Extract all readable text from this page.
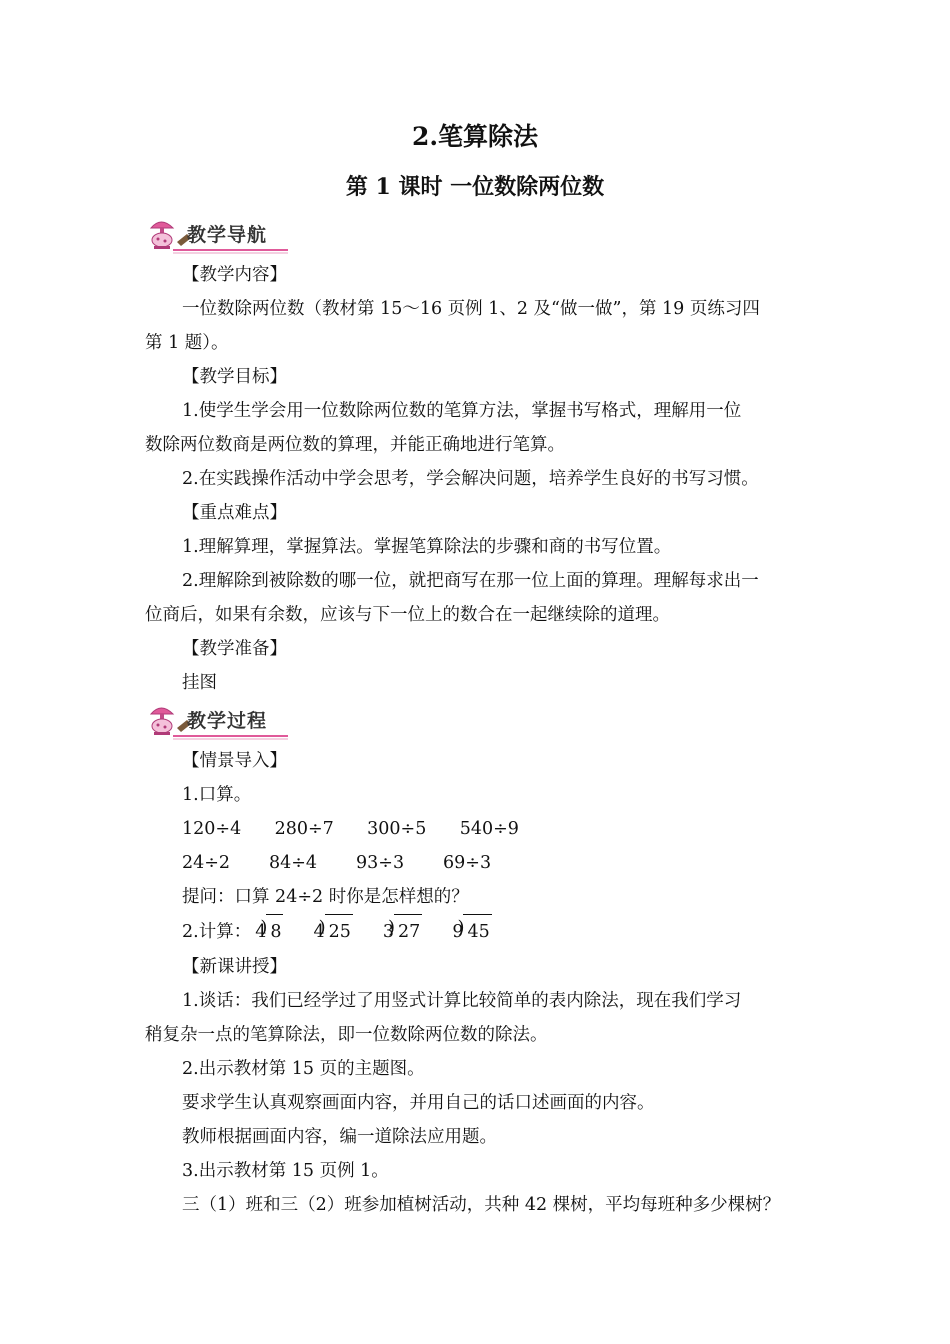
2.笔算除法
第 1 课时 一位数除两位数
教学导航
【教学内容】
一位数除两位数（教材第 15～16 页例 1、2 及“做一做”，第 19 页练习四
第 1 题）。
【教学目标】
1.使学生学会用一位数除两位数的笔算方法，掌握书写格式，理解用一位
数除两位数商是两位数的算理，并能正确地进行笔算。
2.在实践操作活动中学会思考，学会解决问题，培养学生良好的书写习惯。
【重点难点】
1.理解算理，掌握算法。掌握笔算除法的步骤和商的书写位置。
2.理解除到被除数的哪一位，就把商写在那一位上面的算理。理解每求出一
位商后，如果有余数，应该与下一位上的数合在一起继续除的道理。
【教学准备】
挂图
教学过程
【情景导入】
1.口算。
120÷4      280÷7      300÷5      540÷9
24÷2       84÷4       93÷3       69÷3
提问：口算 24÷2 时你是怎样想的？
2.计算： 4 ) 8 4 ) 25 3 ) 27 9 ) 45
【新课讲授】
1.谈话：我们已经学过了用竖式计算比较简单的表内除法，现在我们学习
稍复杂一点的笔算除法，即一位数除两位数的除法。
2.出示教材第 15 页的主题图。
要求学生认真观察画面内容，并用自己的话口述画面的内容。
教师根据画面内容，编一道除法应用题。
3.出示教材第 15 页例 1。
三（1）班和三（2）班参加植树活动，共种 42 棵树，平均每班种多少棵树？
